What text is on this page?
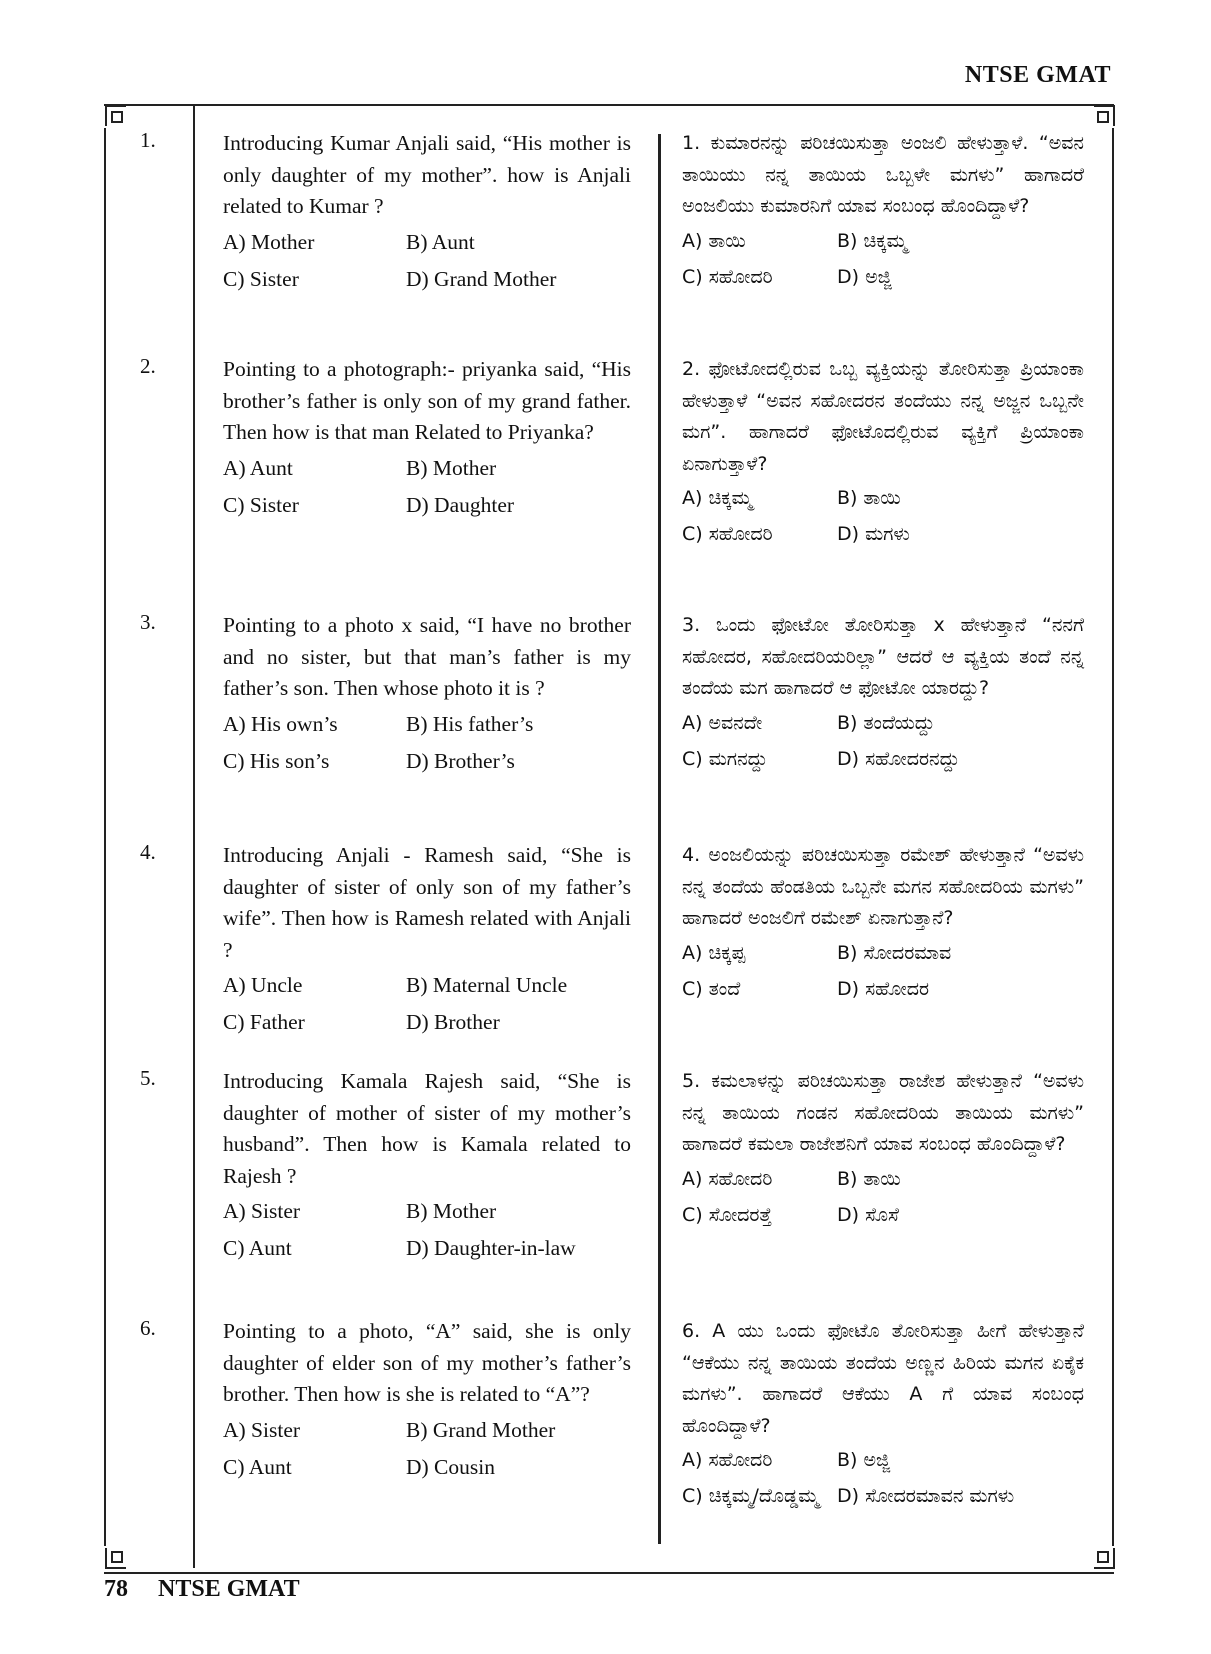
NTSE GMAT
1.	Introducing Kumar Anjali said, “His mother is only daughter of my mother”. how is Anjali related to Kumar ?

A) Mother	B) Aunt
C) Sister	D) Grand Mother

1. ಕುಮಾರನನ್ನು ಪರಿಚಯಿಸುತ್ತಾ ಅಂಜಲಿ ಹೇಳುತ್ತಾಳೆ. “ಅವನ ತಾಯಿಯು ನನ್ನ ತಾಯಿಯ ಒಬ್ಬಳೇ ಮಗಳು” ಹಾಗಾದರೆ ಅಂಜಲಿಯು ಕುಮಾರನಿಗೆ ಯಾವ ಸಂಬಂಧ ಹೊಂದಿದ್ದಾಳೆ?

A) ತಾಯಿ	B) ಚಿಕ್ಕಮ್ಮ
C) ಸಹೋದರಿ	D) ಅಜ್ಜಿ
2.	Pointing to a photograph:- priyanka said, “His brother’s father is only son of my grand father. Then how is that man Related to Priyanka?

A) Aunt	B) Mother
C) Sister	D) Daughter

2. ಫೋಟೋದಲ್ಲಿರುವ ಒಬ್ಬ ವ್ಯಕ್ತಿಯನ್ನು ತೋರಿಸುತ್ತಾ ಪ್ರಿಯಾಂಕಾ ಹೇಳುತ್ತಾಳೆ “ಅವನ ಸಹೋದರನ ತಂದೆಯು ನನ್ನ ಅಜ್ಜನ ಒಬ್ಬನೇ ಮಗ”. ಹಾಗಾದರೆ ಫೋಟೊದಲ್ಲಿರುವ ವ್ಯಕ್ತಿಗೆ ಪ್ರಿಯಾಂಕಾ ಏನಾಗುತ್ತಾಳೆ?

A) ಚಿಕ್ಕಮ್ಮ	B) ತಾಯಿ
C) ಸಹೋದರಿ	D) ಮಗಳು
3.	Pointing to a photo x said, “I have no brother and no sister, but that man’s father is my father’s son. Then whose photo it is ?

A) His own’s	B) His father’s
C) His son’s	D) Brother’s

3. ಒಂದು ಫೋಟೋ ತೋರಿಸುತ್ತಾ x ಹೇಳುತ್ತಾನೆ “ನನಗೆ ಸಹೋದರ, ಸಹೋದರಿಯರಿಲ್ಲಾ” ಆದರೆ ಆ ವ್ಯಕ್ತಿಯ ತಂದೆ ನನ್ನ ತಂದೆಯ ಮಗ ಹಾಗಾದರೆ ಆ ಫೋಟೋ ಯಾರದ್ದು?

A) ಅವನದೇ	B) ತಂದೆಯದ್ದು
C) ಮಗನದ್ದು	D) ಸಹೋದರನದ್ದು
4.	Introducing Anjali - Ramesh said, “She is daughter of sister of only son of my father’s wife”. Then how is Ramesh related with Anjali ?

A) Uncle	B) Maternal Uncle
C) Father	D) Brother

4. ಅಂಜಲಿಯನ್ನು ಪರಿಚಯಿಸುತ್ತಾ ರಮೇಶ್ ಹೇಳುತ್ತಾನೆ “ಅವಳು ನನ್ನ ತಂದೆಯ ಹೆಂಡತಿಯ ಒಬ್ಬನೇ ಮಗನ ಸಹೋದರಿಯ ಮಗಳು” ಹಾಗಾದರೆ ಅಂಜಲಿಗೆ ರಮೇಶ್ ಏನಾಗುತ್ತಾನೆ?

A) ಚಿಕ್ಕಪ್ಪ	B) ಸೋದರಮಾವ
C) ತಂದೆ	D) ಸಹೋದರ
5.	Introducing Kamala Rajesh said, “She is daughter of mother of sister of my mother’s husband”. Then how is Kamala related to Rajesh ?

A) Sister	B) Mother
C) Aunt	D) Daughter-in-law

5. ಕಮಲಾಳನ್ನು ಪರಿಚಯಿಸುತ್ತಾ ರಾಜೇಶ ಹೇಳುತ್ತಾನೆ “ಅವಳು ನನ್ನ ತಾಯಿಯ ಗಂಡನ ಸಹೋದರಿಯ ತಾಯಿಯ ಮಗಳು” ಹಾಗಾದರೆ ಕಮಲಾ ರಾಜೇಶನಿಗೆ ಯಾವ ಸಂಬಂಧ ಹೊಂದಿದ್ದಾಳೆ?

A) ಸಹೋದರಿ	B) ತಾಯಿ
C) ಸೋದರತ್ತೆ	D) ಸೊಸೆ
6.	Pointing to a photo, “A” said, she is only daughter of elder son of my mother’s father’s brother. Then how is she is related to “A”?

A) Sister	B) Grand Mother
C) Aunt	D) Cousin

6. A ಯು ಒಂದು ಫೋಟೊ ತೋರಿಸುತ್ತಾ ಹೀಗೆ ಹೇಳುತ್ತಾನೆ “ಆಕೆಯು ನನ್ನ ತಾಯಿಯ ತಂದೆಯ ಅಣ್ಣನ ಹಿರಿಯ ಮಗನ ಏಕೈಕ ಮಗಳು”. ಹಾಗಾದರೆ ಆಕೆಯು A ಗೆ ಯಾವ ಸಂಬಂಧ ಹೊಂದಿದ್ದಾಳೆ?

A) ಸಹೋದರಿ	B) ಅಜ್ಜಿ
C) ಚಿಕ್ಕಮ್ಮ/ದೊಡ್ಡಮ್ಮ D) ಸೋದರಮಾವನ ಮಗಳು
78 NTSE GMAT
